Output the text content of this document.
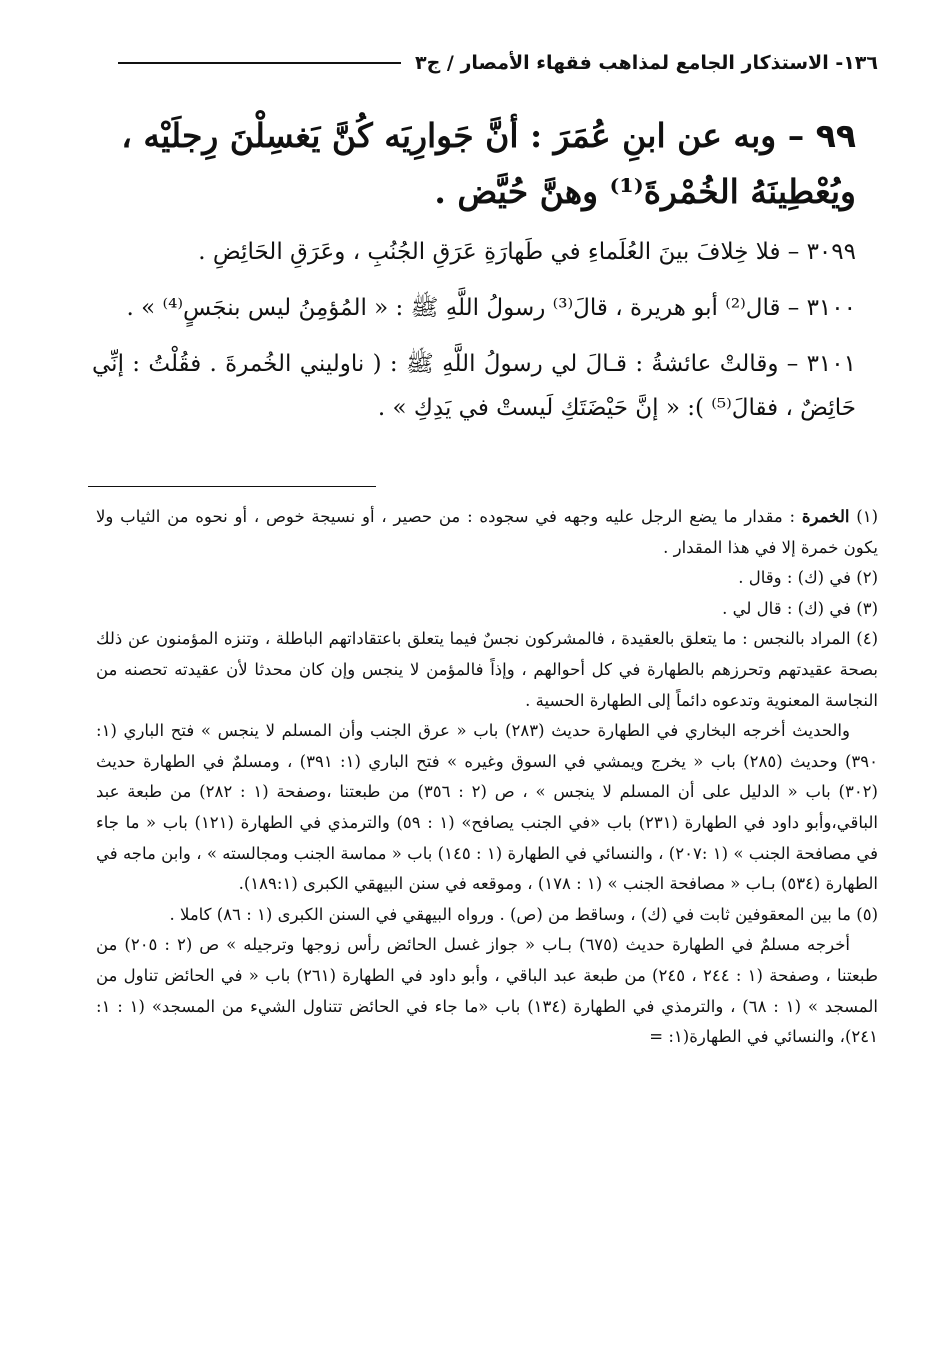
١٣٦- الاستذكار الجامع لمذاهب فقهاء الأمصار / ج٣

٩٩ – وبه عن ابنِ عُمَرَ : أنَّ جَوارِيَه كُنَّ يَغسِلْنَ رِجلَيْه ، ويُعْطِينَهُ الخُمْرةَ⁽¹⁾ وهنَّ حُيَّض .

٣٠٩٩ – فلا خِلافَ بينَ العُلَماءِ في طَهارَةِ عَرَقِ الجُنُبِ ، وعَرَقِ الحَائِضِ .

٣١٠٠ – قال⁽²⁾ أبو هريرة ، قالَ⁽³⁾ رسولُ اللَّهِ ﷺ : « المُؤمِنُ ليس بنجَسٍ⁽⁴⁾ » .

٣١٠١ – وقالتْ عائشةُ : قـالَ لي رسولُ اللَّهِ ﷺ : ( ناوليني الخُمرةَ . فقُلْتُ : إنِّي حَائِضٌ ، فقالَ⁽⁵⁾ ): « إنَّ حَيْضَتَكِ لَيستْ في يَدِكِ » .

(١) الخمرة : مقدار ما يضع الرجل عليه وجهه في سجوده : من حصير ، أو نسيجة خوص ، أو نحوه من الثياب ولا يكون خمرة إلا في هذا المقدار .

(٢) في (ك) : وقال .

(٣) في (ك) : قال لي .

(٤) المراد بالنجس : ما يتعلق بالعقيدة ، فالمشركون نجسٌ فيما يتعلق باعتقاداتهم الباطلة ، وتنزه المؤمنون عن ذلك بصحة عقيدتهم وتحرزهم بالطهارة في كل أحوالهم ، وإذاً فالمؤمن لا ينجس وإن كان محدثا لأن عقيدته تحصنه من النجاسة المعنوية وتدعوه دائماً إلى الطهارة الحسية .

والحديث أخرجه البخاري في الطهارة حديث (٢٨٣) باب « عرق الجنب وأن المسلم لا ينجس » فتح الباري (١: ٣٩٠) وحديث (٢٨٥) باب « يخرج ويمشي في السوق وغيره » فتح الباري (١: ٣٩١) ، ومسلمٌ في الطهارة حديث (٣٠٢) باب « الدليل على أن المسلم لا ينجس » ، ص (٢ : ٣٥٦) من طبعتنا ،وصفحة (١ : ٢٨٢) من طبعة عبد الباقي،وأبو داود في الطهارة (٢٣١) باب «في الجنب يصافح» (١ : ٥٩) والترمذي في الطهارة (١٢١) باب « ما جاء في مصافحة الجنب » (١ :٢٠٧) ، والنسائي في الطهارة (١ : ١٤٥) باب « مماسة الجنب ومجالسته » ، وابن ماجه في الطهارة (٥٣٤) بـاب « مصافحة الجنب » (١ : ١٧٨) ، وموقعه في سنن البيهقي الكبرى (١٨٩:١).

(٥) ما بين المعقوفين ثابت في (ك) ، وساقط من (ص) . ورواه البيهقي في السنن الكبرى (١ : ٨٦) كاملا .

أخرجه مسلمٌ في الطهارة حديث (٦٧٥) بـاب « جواز غسل الحائض رأس زوجها وترجيله » ص (٢ : ٢٠٥) من طبعتنا ، وصفحة (١ : ٢٤٤ ، ٢٤٥) من طبعة عبد الباقي ، وأبو داود في الطهارة (٢٦١) باب « في الحائض تناول من المسجد » (١ : ٦٨) ، والترمذي في الطهارة (١٣٤) باب «ما جاء في الحائض تتناول الشيء من المسجد» (١ : ١: ٢٤١)، والنسائي في الطهارة(١: =
